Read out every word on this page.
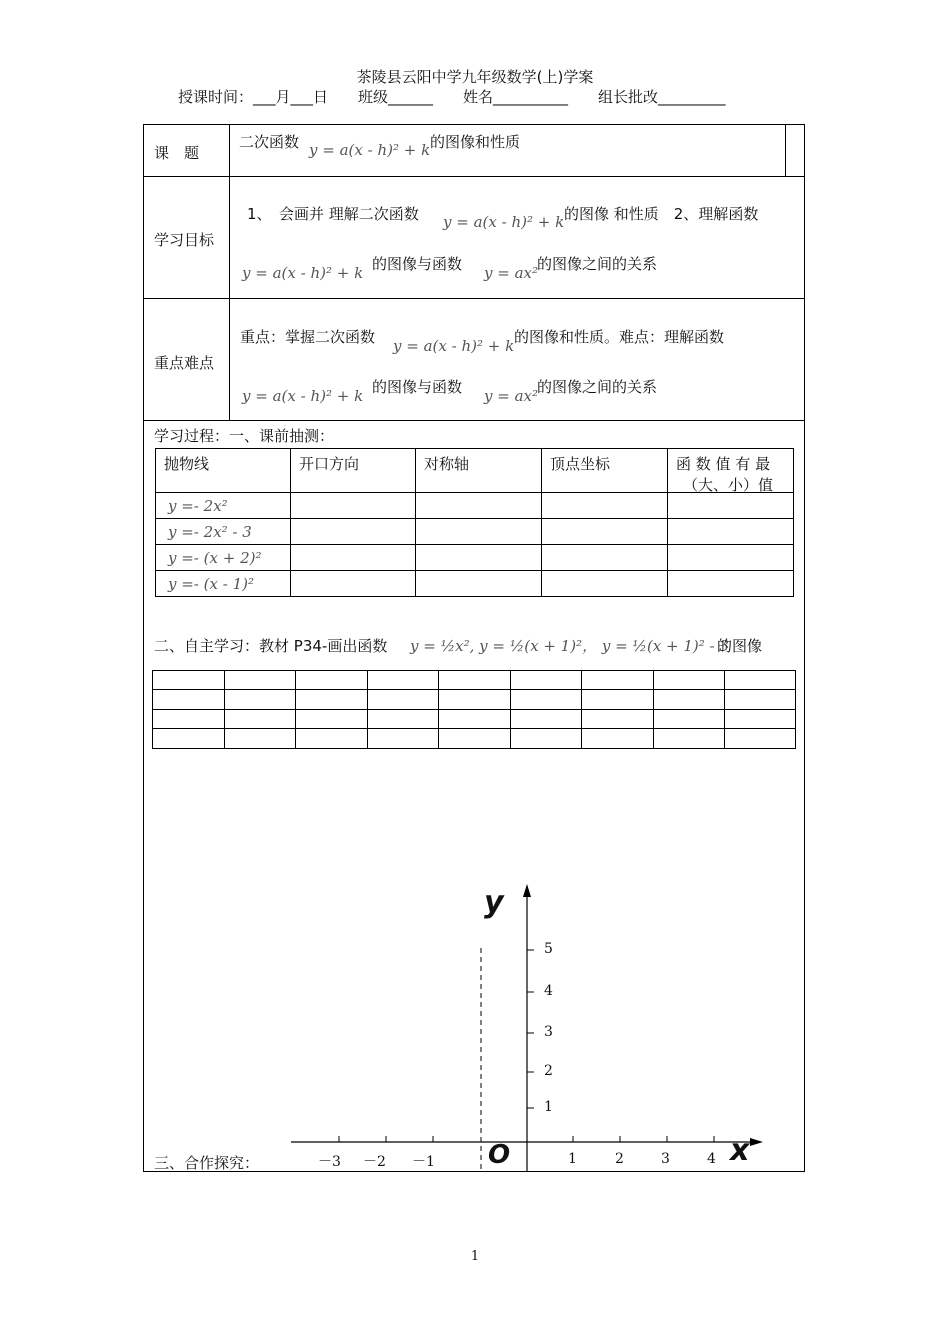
茶陵县云阳中学九年级数学(上)学案
授课时间：___月___日　　班级______　　姓名__________　　组长批改_________
课　题
二次函数 y = a(x - h)² + k 的图像和性质
学习目标
1、　会画并 理解二次函数 y = a(x - h)² + k 的图像 和性质　2、理解函数
y = a(x - h)² + k 的图像与函数 y = ax² 的图像之间的关系
重点难点
重点：掌握二次函数 y = a(x - h)² + k 的图像和性质。难点：理解函数
y = a(x - h)² + k 的图像与函数 y = ax² 的图像之间的关系
学习过程：一、课前抽测：
抛物线	开口方向	对称轴	顶点坐标	函 数 值 有 最
（大、小）值
y =- 2x²
y =- 2x² - 3
y =- (x + 2)²
y =- (x - 1)²
二、自主学习：教材 P34-画出函数 y = ½x², y = ½(x + 1)²， y = ½(x + 1)² - 3
的图像
y
x
O
－3 －2 －1	1	2	3	4
5
4
3
2
1
三、合作探究：
1
